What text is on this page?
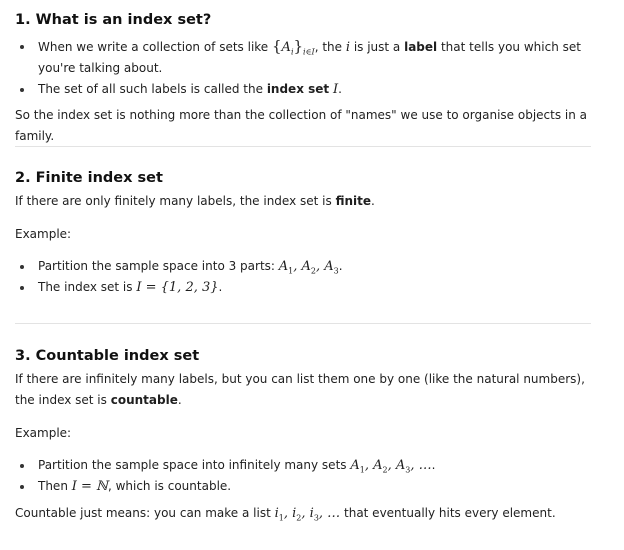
1. What is an index set?
When we write a collection of sets like $\{A_i\}_{i\in I}$, the i is just a label that tells you which set you're talking about.
The set of all such labels is called the index set I.

So the index set is nothing more than the collection of "names" we use to organise objects in a family.

2. Finite index set

If there are only finitely many labels, the index set is finite.

Example:

Partition the sample space into 3 parts: $A_1$, $A_2$, $A_3$.
The index set is I = {1, 2, 3}.
3. Countable index set

If there are infinitely many labels, but you can list them one by one (like the natural numbers), the index set is countable.

Example:

Partition the sample space into infinitely many sets $A_1$, $A_2$, $A_3$, ….
Then I = ℕ, which is countable.

Countable just means: you can make a list $i_1$, $i_2$, $i_3$, … that eventually hits every element.
